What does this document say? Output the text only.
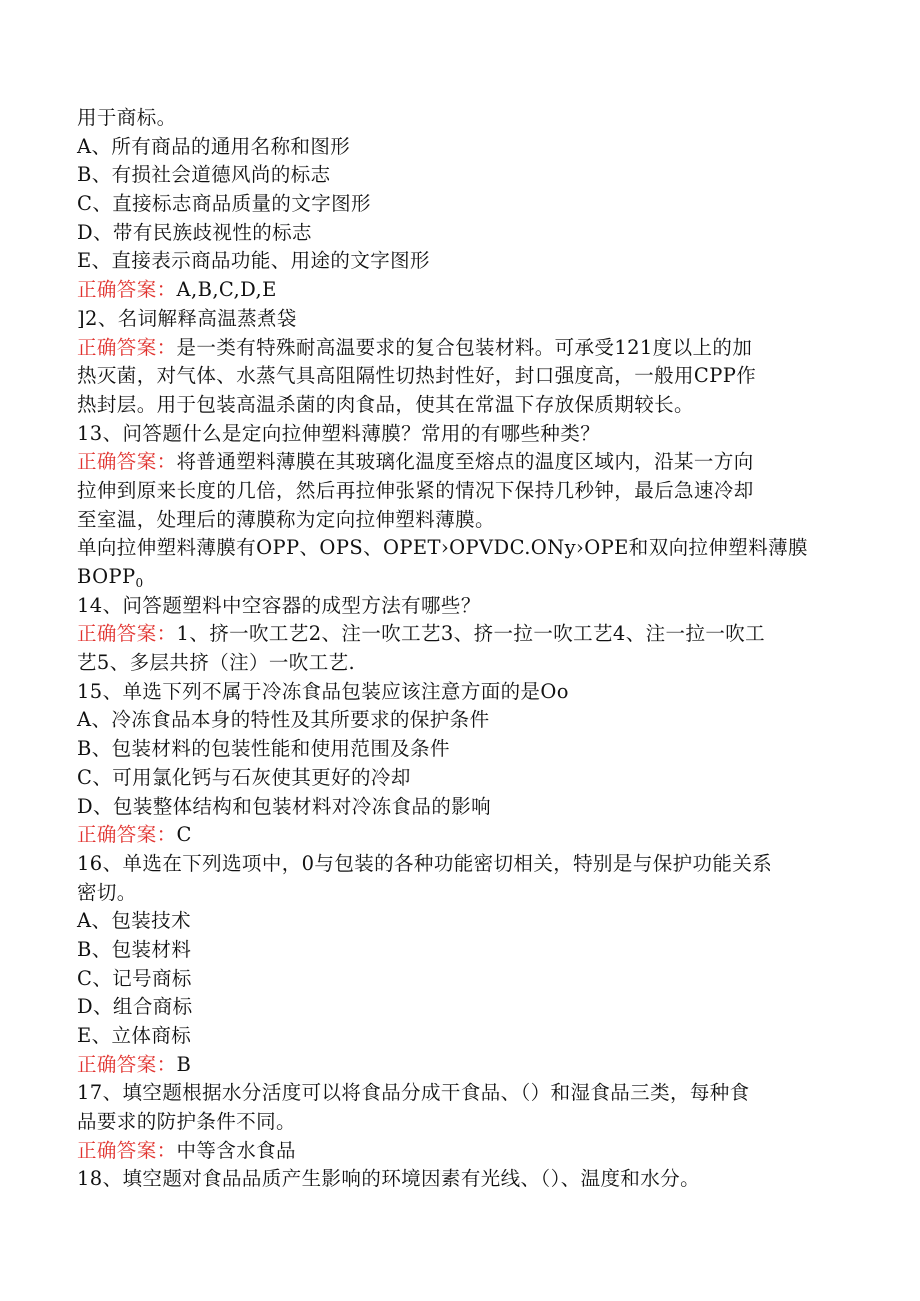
用于商标。
A、所有商品的通用名称和图形
B、有损社会道德风尚的标志
C、直接标志商品质量的文字图形
D、带有民族歧视性的标志
E、直接表示商品功能、用途的文字图形
正确答案：A,B,C,D,E
]2、名词解释高温蒸煮袋
正确答案：是一类有特殊耐高温要求的复合包装材料。可承受121度以上的加
热灭菌，对气体、水蒸气具高阻隔性切热封性好，封口强度高，一般用CPP作
热封层。用于包装高温杀菌的肉食品，使其在常温下存放保质期较长。
13、问答题什么是定向拉伸塑料薄膜？常用的有哪些种类？
正确答案：将普通塑料薄膜在其玻璃化温度至熔点的温度区域内，沿某一方向
拉伸到原来长度的几倍，然后再拉伸张紧的情况下保持几秒钟，最后急速冷却
至室温，处理后的薄膜称为定向拉伸塑料薄膜。
单向拉伸塑料薄膜有OPP、OPS、OPET›OPVDC.ONy›OPE和双向拉伸塑料薄膜
$BOPP_0$
14、问答题塑料中空容器的成型方法有哪些？
正确答案：1、挤一吹工艺2、注一吹工艺3、挤一拉一吹工艺4、注一拉一吹工
艺5、多层共挤（注）一吹工艺.
15、单选下列不属于冷冻食品包装应该注意方面的是Oo
A、冷冻食品本身的特性及其所要求的保护条件
B、包装材料的包装性能和使用范围及条件
C、可用氯化钙与石灰使其更好的冷却
D、包装整体结构和包装材料对冷冻食品的影响
正确答案：C
16、单选在下列选项中，0与包装的各种功能密切相关，特别是与保护功能关系
密切。
A、包装技术
B、包装材料
C、记号商标
D、组合商标
E、立体商标
正确答案：B
17、填空题根据水分活度可以将食品分成干食品、（）和湿食品三类，每种食
品要求的防护条件不同。
正确答案：中等含水食品
18、填空题对食品品质产生影响的环境因素有光线、（）、温度和水分。
